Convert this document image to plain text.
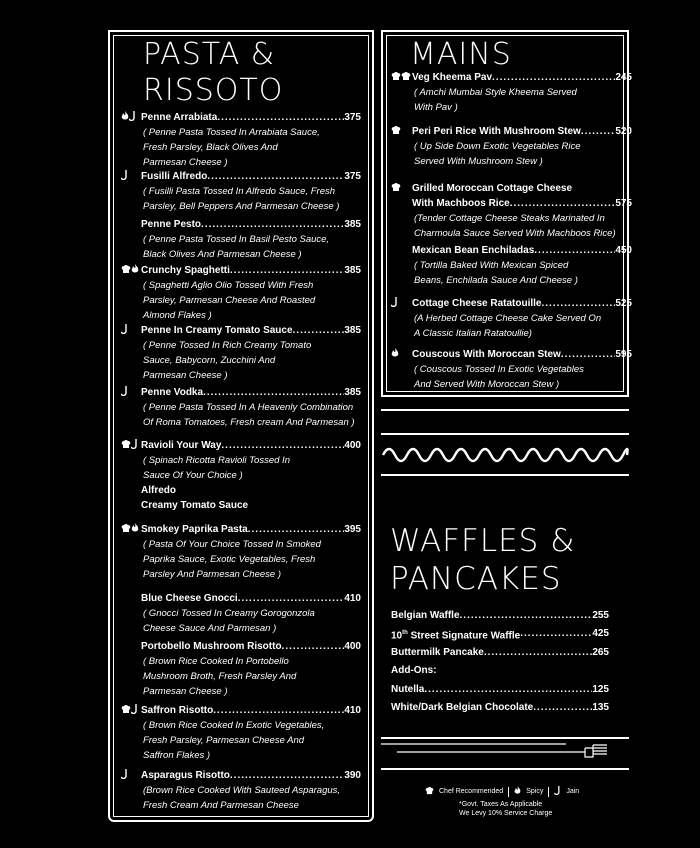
PASTA & RISSOTO
MAINS
WAFFLES & PANCAKES
Penne Arrabiata .....	375
( Penne Pasta Tossed In Arrabiata Sauce,
Fresh Parsley, Black Olives And
Parmesan Cheese )
Fusilli Alfredo .....	375
( Fusilli Pasta Tossed In Alfredo Sauce, Fresh
Parsley, Bell Peppers And Parmesan Cheese )
Penne Pesto .....	385
( Penne Pasta Tossed In Basil Pesto Sauce,
Black Olives And Parmesan Cheese )
Crunchy Spaghetti .....	385
( Spaghetti Aglio Olio Tossed With Fresh
Parsley, Parmesan Cheese And Roasted
Almond Flakes )
Penne In Creamy Tomato Sauce .....	385
( Penne Tossed In Rich Creamy Tomato
Sauce, Babycorn, Zucchini And
Parmesan Cheese )
Penne Vodka .....	385
( Penne Pasta Tossed In A Heavenly Combination
Of Roma Tomatoes, Fresh cream And Parmesan )
Ravioli Your Way .....	400
( Spinach Ricotta Ravioli Tossed In
Sauce Of Your Choice )
Alfredo
Creamy Tomato Sauce
Smokey Paprika Pasta .....	395
( Pasta Of Your Choice Tossed In Smoked
Paprika Sauce, Exotic Vegetables, Fresh
Parsley And Parmesan Cheese )
Blue Cheese Gnocci .....	410
( Gnocci Tossed In Creamy Gorogonzola
Cheese Sauce And Parmesan )
Portobello Mushroom Risotto .....	400
( Brown Rice Cooked In Portobello
Mushroom Broth, Fresh Parsley And
Parmesan Cheese )
Saffron Risotto .....	410
( Brown Rice Cooked In Exotic Vegetables,
Fresh Parsley, Parmesan Cheese And
Saffron Flakes )
Asparagus Risotto .....	390
(Brown Rice Cooked With Sauteed Asparagus,
Fresh Cream And Parmesan Cheese
Veg Kheema Pav .....	245
( Amchi Mumbai Style Kheema Served
With Pav )
Peri Peri Rice With Mushroom Stew .....	520
( Up Side Down Exotic Vegetables Rice
Served With Mushroom Stew )
Grilled Moroccan Cottage Cheese
With Machboos Rice .....	575
(Tender Cottage Cheese Steaks Marinated In
Charmoula Sauce Served With Machboos Rice)
Mexican Bean Enchiladas .....	450
( Tortilla Baked With Mexican Spiced
Beans, Enchilada Sauce And Cheese )
Cottage Cheese Ratatouille .....	525
(A Herbed Cottage Cheese Cake Served On
A Classic Italian Ratatoullie)
Couscous With Moroccan Stew .....	595
( Couscous Tossed In Exotic Vegetables
And Served With Moroccan Stew )
Belgian Waffle .....	255
10th Street Signature Waffle .....	425
Buttermilk Pancake .....	265
Add-Ons:
Nutella .....	125
White/Dark Belgian Chocolate .....	135
Chef Recommended	Spicy	Jain
*Govt. Taxes As Applicable
We Levy 10% Service Charge
